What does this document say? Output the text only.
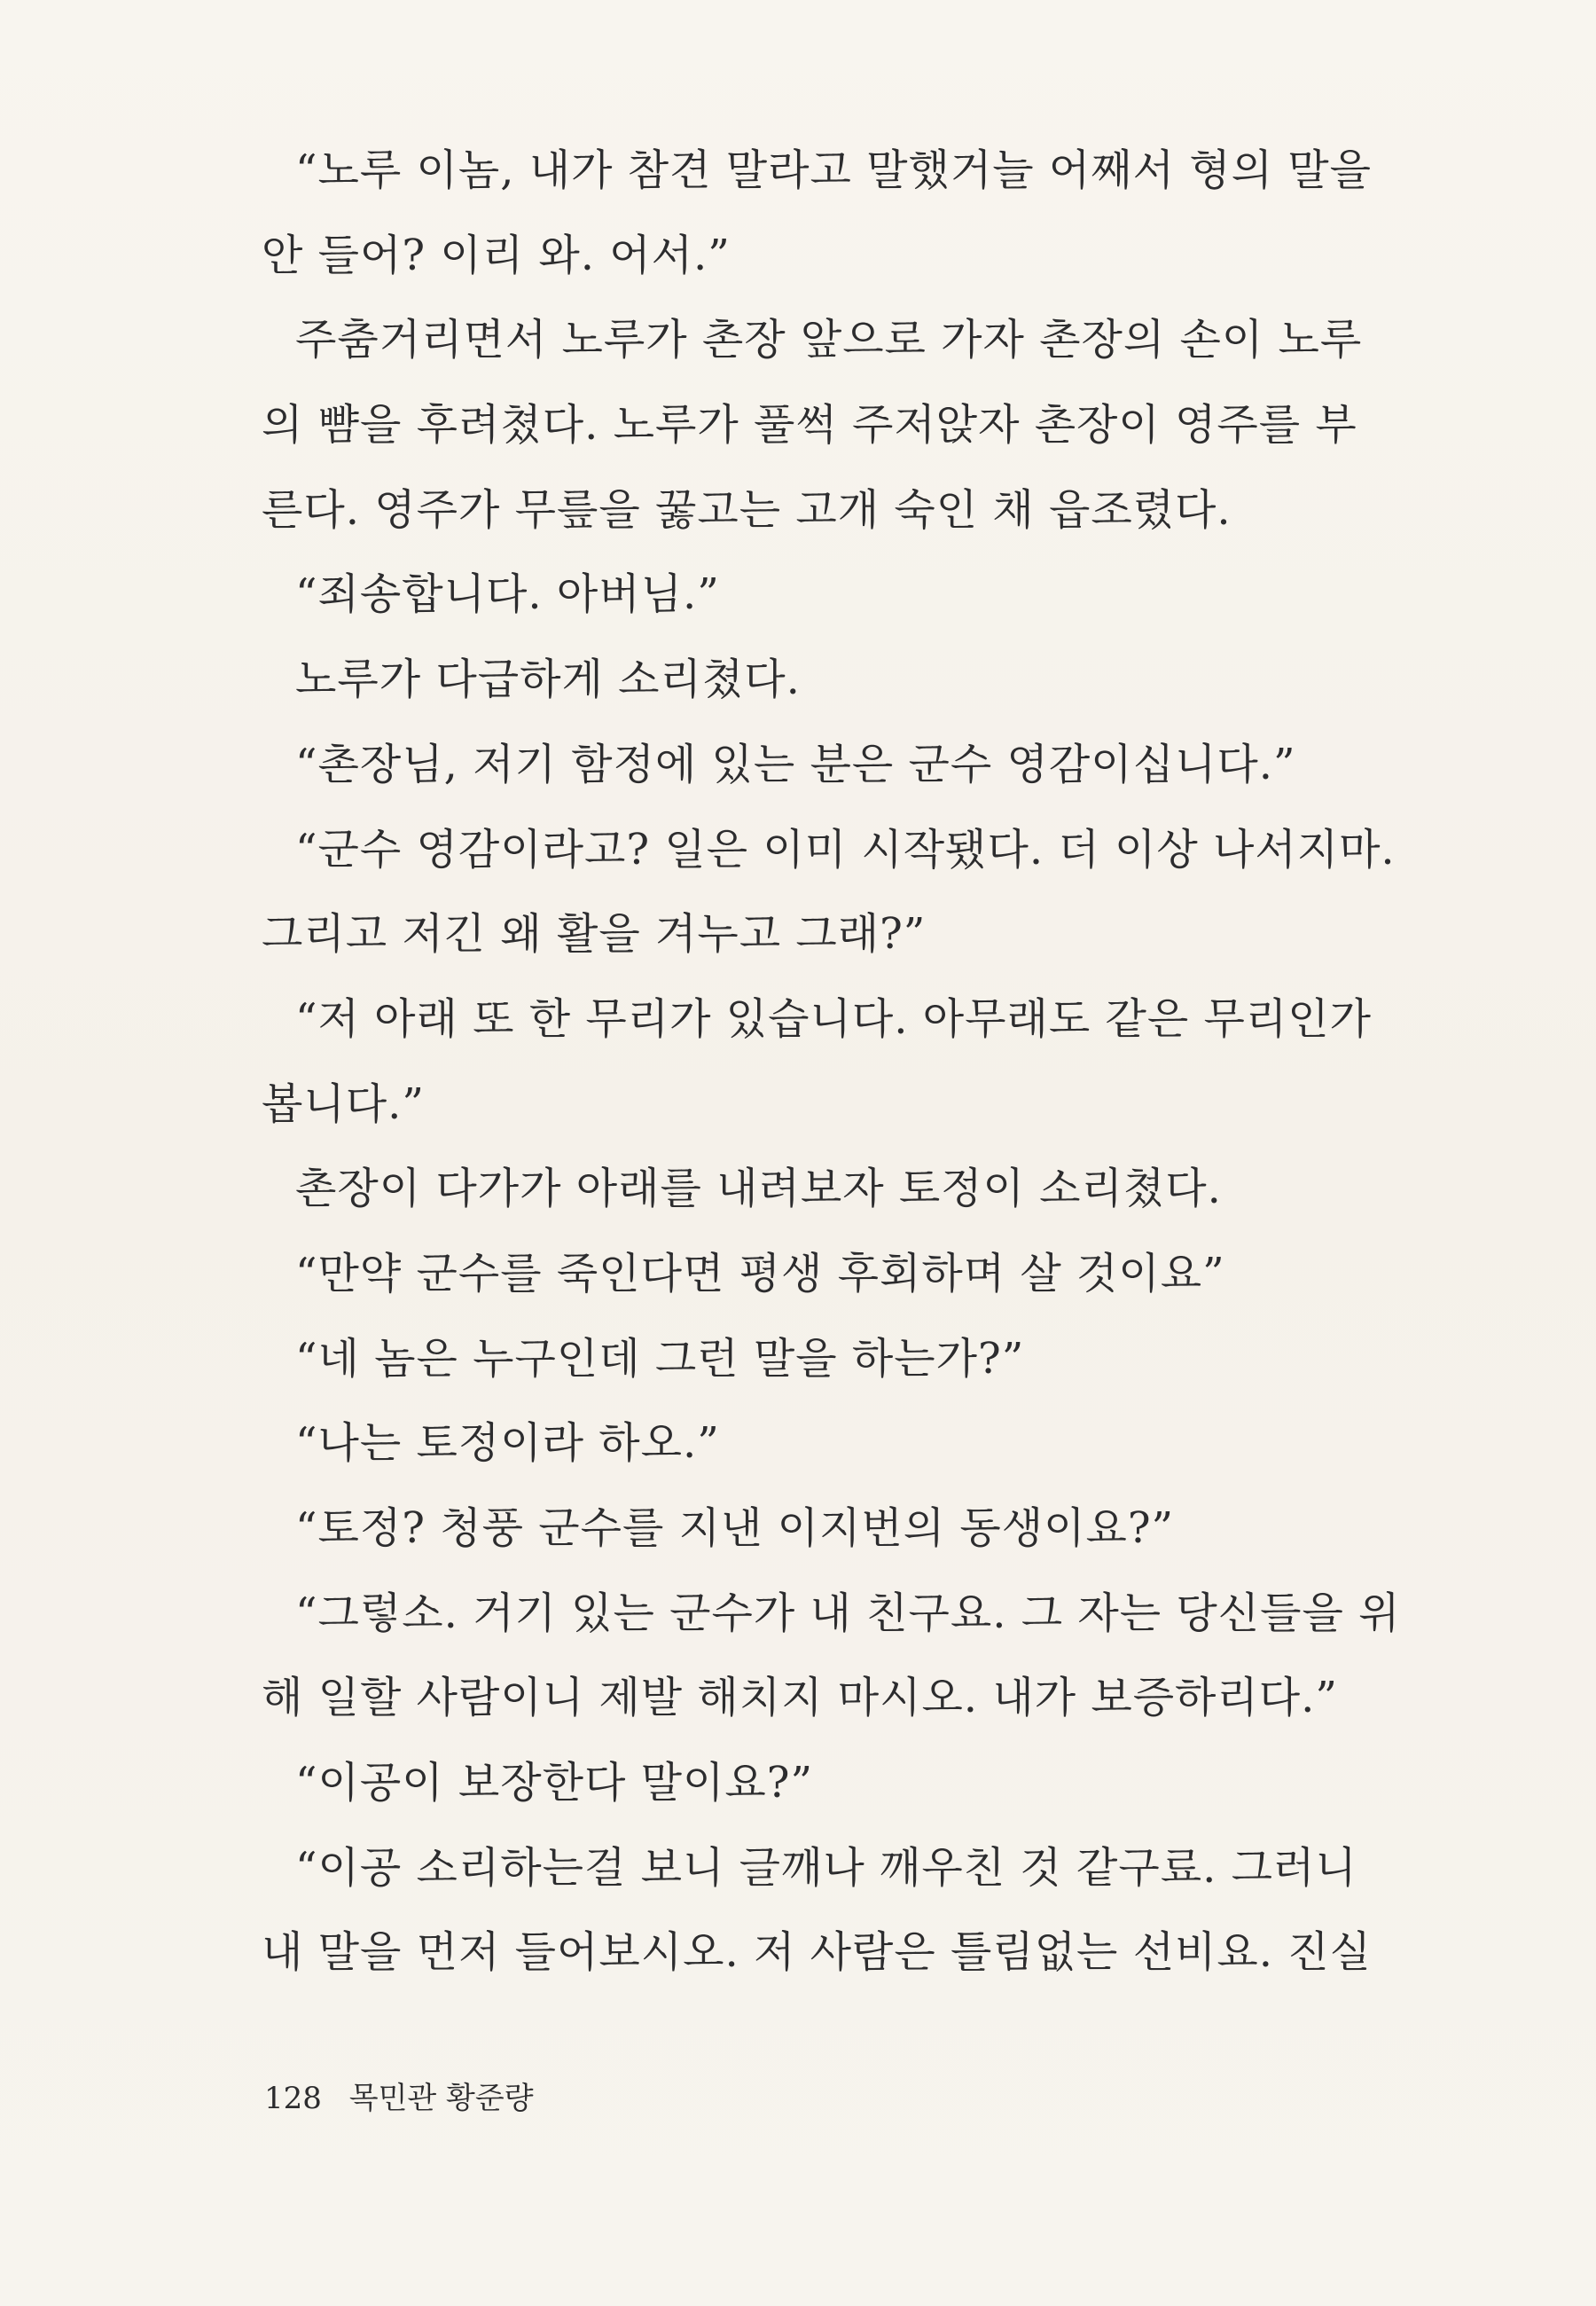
“노루 이놈, 내가 참견 말라고 말했거늘 어째서 형의 말을
안 들어? 이리 와. 어서.”
주춤거리면서 노루가 촌장 앞으로 가자 촌장의 손이 노루
의 뺨을 후려쳤다. 노루가 풀썩 주저앉자 촌장이 영주를 부
른다. 영주가 무릎을 꿇고는 고개 숙인 채 읍조렸다.
“죄송합니다. 아버님.”
노루가 다급하게 소리쳤다.
“촌장님, 저기 함정에 있는 분은 군수 영감이십니다.”
“군수 영감이라고? 일은 이미 시작됐다. 더 이상 나서지마.
그리고 저긴 왜 활을 겨누고 그래?”
“저 아래 또 한 무리가 있습니다. 아무래도 같은 무리인가
봅니다.”
촌장이 다가가 아래를 내려보자 토정이 소리쳤다.
“만약 군수를 죽인다면 평생 후회하며 살 것이요”
“네 놈은 누구인데 그런 말을 하는가?”
“나는 토정이라 하오.”
“토정? 청풍 군수를 지낸 이지번의 동생이요?”
“그렇소. 거기 있는 군수가 내 친구요. 그 자는 당신들을 위
해 일할 사람이니 제발 해치지 마시오. 내가 보증하리다.”
“이공이 보장한다 말이요?”
“이공 소리하는걸 보니 글깨나 깨우친 것 같구료. 그러니
내 말을 먼저 들어보시오. 저 사람은 틀림없는 선비요. 진실
128 목민관 황준량
